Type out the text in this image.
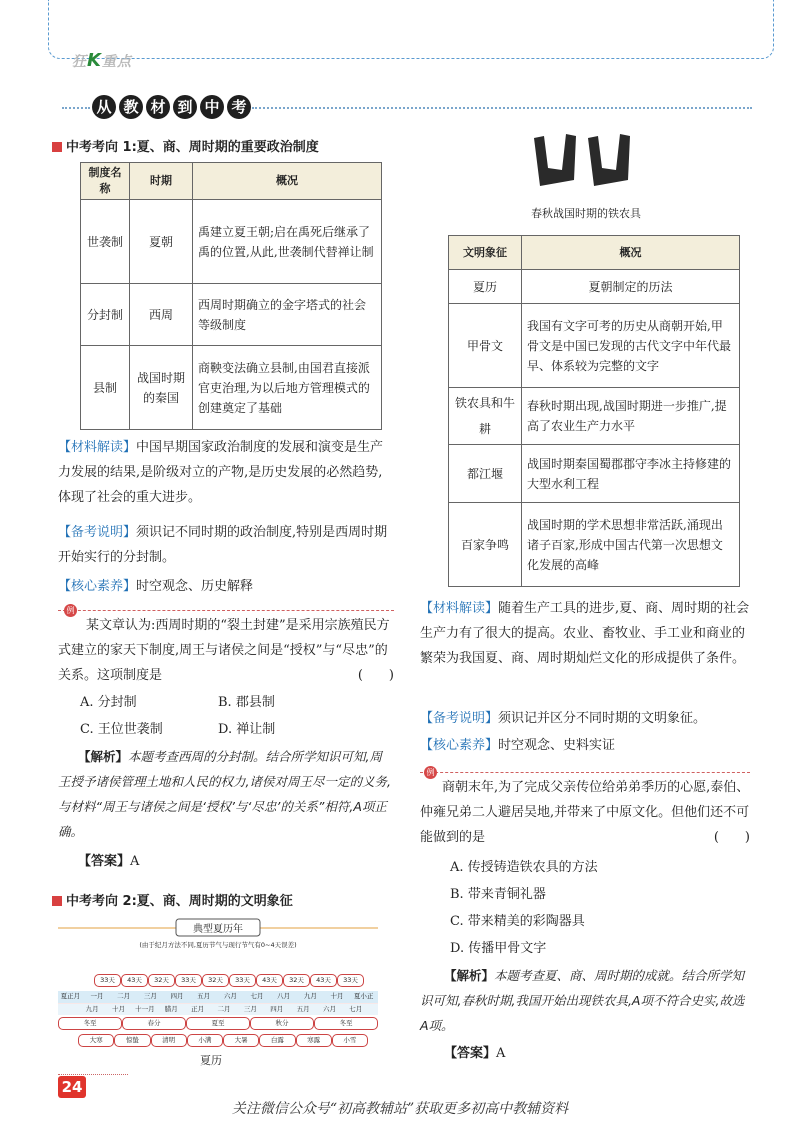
狂K重点
从 教 材 到 中 考
中考考向 1:夏、商、周时期的重要政治制度
制度名称	时期	概况
世袭制	夏朝	禹建立夏王朝;启在禹死后继承了禹的位置,从此,世袭制代替禅让制
分封制	西周	西周时期确立的金字塔式的社会等级制度
县制	战国时期的秦国	商鞅变法确立县制,由国君直接派官吏治理,为以后地方管理模式的创建奠定了基础
【材料解读】中国早期国家政治制度的发展和演变是生产力发展的结果,是阶级对立的产物,是历史发展的必然趋势,体现了社会的重大进步。
【备考说明】须识记不同时期的政治制度,特别是西周时期开始实行的分封制。
【核心素养】时空观念、历史解释
例
某文章认为:西周时期的“裂土封建”是采用宗族殖民方式建立的家天下制度,周王与诸侯之间是“授权”与“尽忠”的关系。这项制度是	(　　)
A. 分封制	B. 郡县制
C. 王位世袭制	D. 禅让制
【解析】本题考查西周的分封制。结合所学知识可知,周王授予诸侯管理土地和人民的权力,诸侯对周王尽一定的义务,与材料“周王与诸侯之间是‘授权’与‘尽忠’的关系”相符,A项正确。
【答案】A
中考考向 2:夏、商、周时期的文明象征
典型夏历年
(由于纪月方法不同,夏历节气与现行节气有0~4天误差)
33天	43天	32天	33天	32天	33天	43天	32天	43天	33天
夏正月	一月	二月	三月	四月	五月	六月	七月	八月	九月	十月	夏小正
九月	十月	十一月	腊月	正月	二月	三月	四月	五月	六月	七月
冬至	春分	夏至	秋分	冬至
大寒	惊蛰	清明	小满	大暑	白露	寒露	小雪
夏历
春秋战国时期的铁农具
文明象征	概况
夏历	夏朝制定的历法
甲骨文	我国有文字可考的历史从商朝开始,甲骨文是中国已发现的古代文字中年代最早、体系较为完整的文字
铁农具和牛耕	春秋时期出现,战国时期进一步推广,提高了农业生产力水平
都江堰	战国时期秦国蜀郡郡守李冰主持修建的大型水利工程
百家争鸣	战国时期的学术思想非常活跃,涌现出诸子百家,形成中国古代第一次思想文化发展的高峰
【材料解读】随着生产工具的进步,夏、商、周时期的社会生产力有了很大的提高。农业、畜牧业、手工业和商业的繁荣为我国夏、商、周时期灿烂文化的形成提供了条件。
【备考说明】须识记并区分不同时期的文明象征。
【核心素养】时空观念、史料实证
例
商朝末年,为了完成父亲传位给弟弟季历的心愿,泰伯、仲雍兄弟二人避居吴地,并带来了中原文化。但他们还不可能做到的是	(　　)
A. 传授铸造铁农具的方法
B. 带来青铜礼器
C. 带来精美的彩陶器具
D. 传播甲骨文字
【解析】本题考查夏、商、周时期的成就。结合所学知识可知,春秋时期,我国开始出现铁农具,A项不符合史实,故选A项。
【答案】A
24
关注微信公众号“初高教辅站”获取更多初高中教辅资料
